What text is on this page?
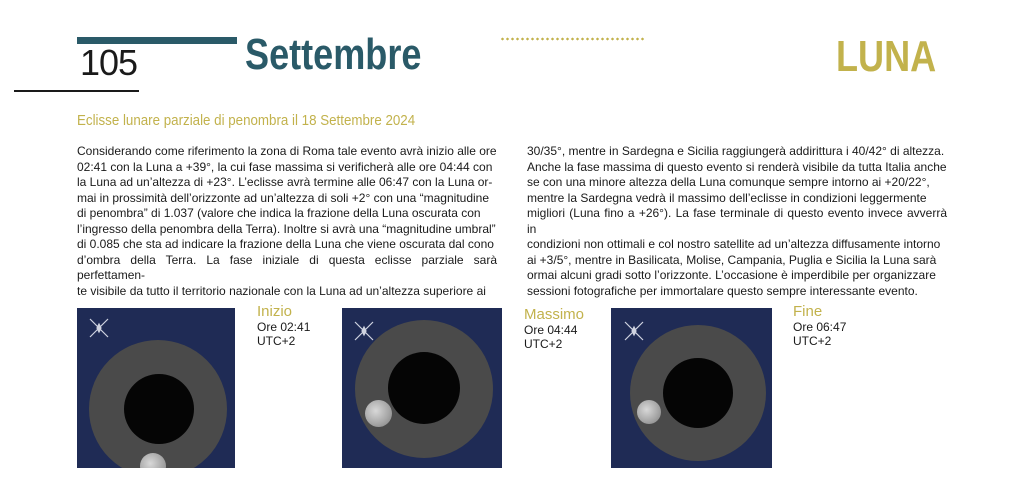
105 Settembre	LUNA
Eclisse lunare parziale di penombra il 18 Settembre 2024
Considerando come riferimento la zona di Roma tale evento avrà inizio alle ore
02:41 con la Luna a +39°, la cui fase massima si verificherà alle ore 04:44 con
la Luna ad un’altezza di +23°. L’eclisse avrà termine alle 06:47 con la Luna or-
mai in prossimità dell’orizzonte ad un’altezza di soli +2° con una “magnitudine
di penombra” di 1.037 (valore che indica la frazione della Luna oscurata con
l’ingresso della penombra della Terra). Inoltre si avrà una “magnitudine umbral”
di 0.085 che sta ad indicare la frazione della Luna che viene oscurata dal cono
d’ombra della Terra. La fase iniziale di questa eclisse parziale sarà perfettamen-
te visibile da tutto il territorio nazionale con la Luna ad un’altezza superiore ai
30/35°, mentre in Sardegna e Sicilia raggiungerà addirittura i 40/42° di altezza.
Anche la fase massima di questo evento si renderà visibile da tutta Italia anche
se con una minore altezza della Luna comunque sempre intorno ai +20/22°,
mentre la Sardegna vedrà il massimo dell’eclisse in condizioni leggermente
migliori (Luna fino a +26°). La fase terminale di questo evento invece avverrà in
condizioni non ottimali e col nostro satellite ad un’altezza diffusamente intorno
ai +3/5°, mentre in Basilicata, Molise, Campania, Puglia e Sicilia la Luna sarà
ormai alcuni gradi sotto l’orizzonte. L’occasione è imperdibile per organizzare
sessioni fotografiche per immortalare questo sempre interessante evento.
Inizio
Ore 02:41
UTC+2
Massimo
Ore 04:44
UTC+2
Fine
Ore 06:47
UTC+2
